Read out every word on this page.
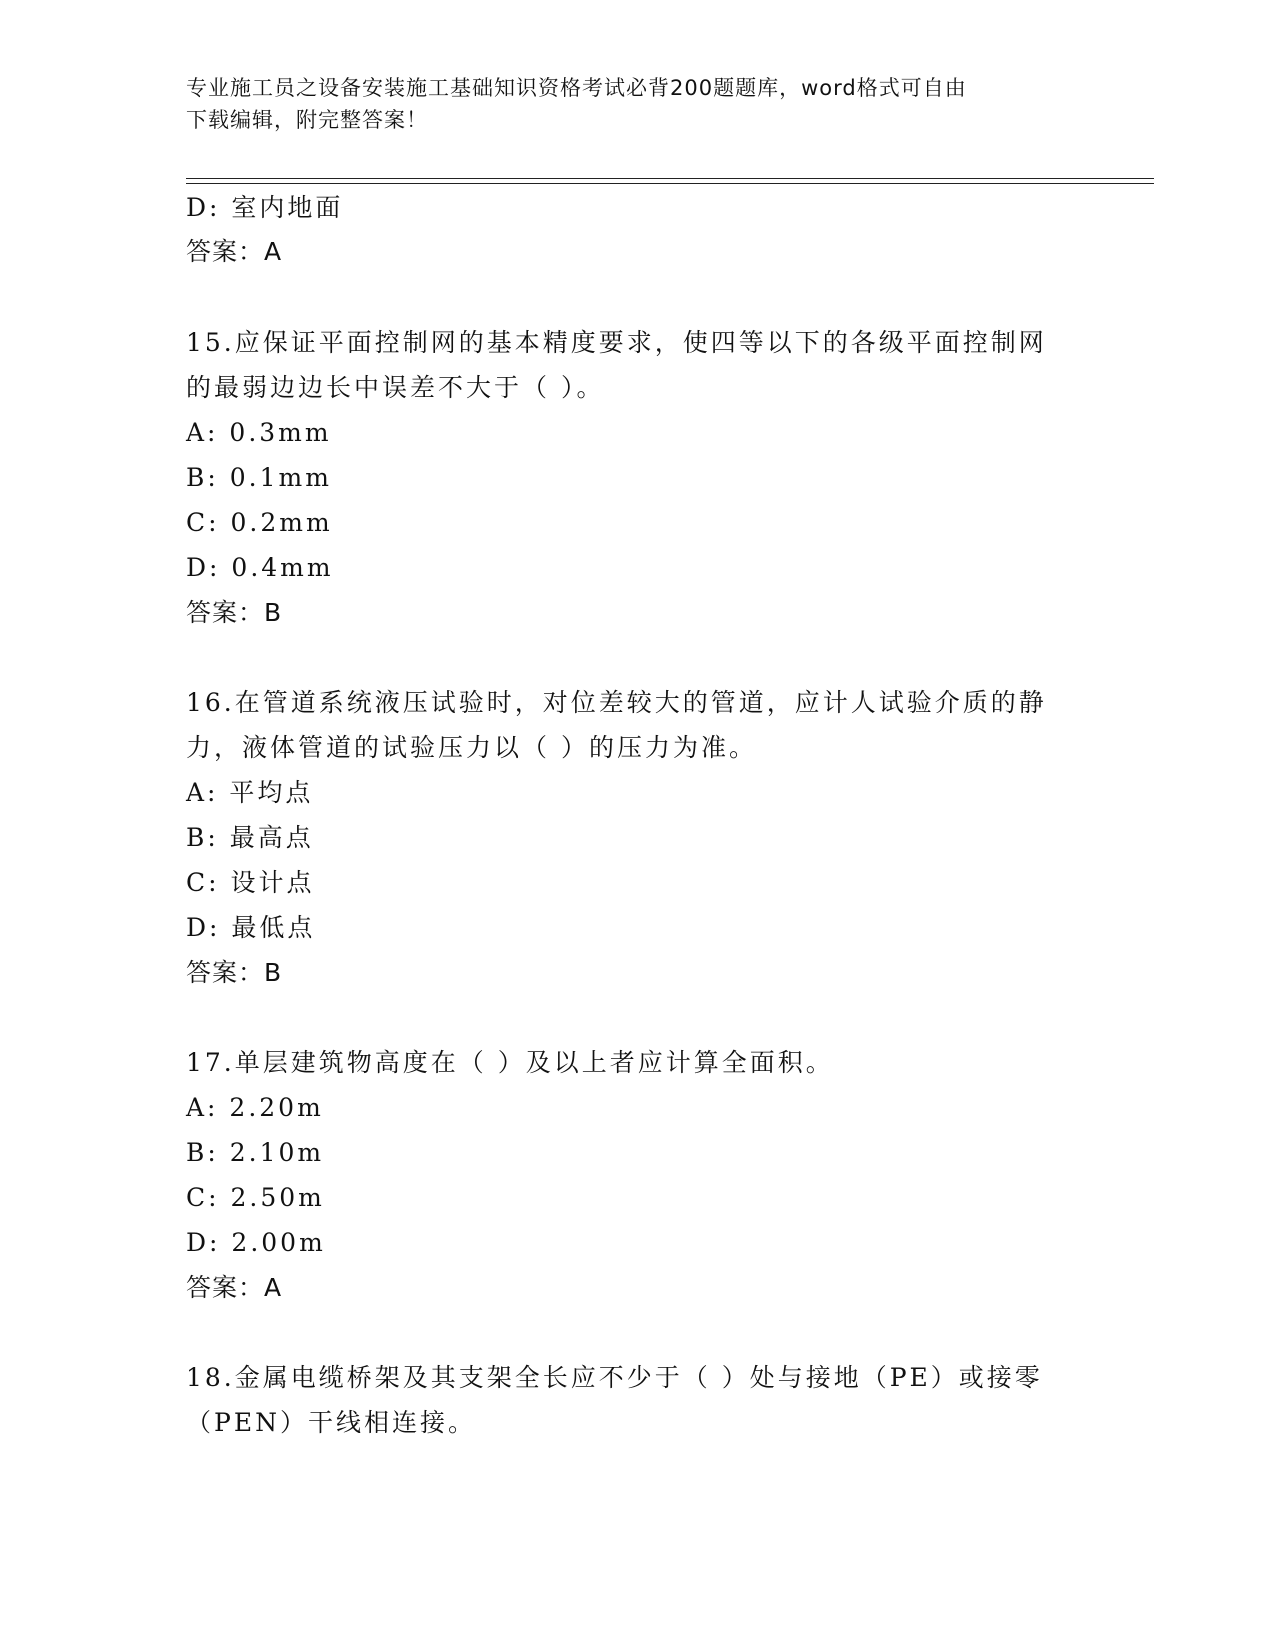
专业施工员之设备安装施工基础知识资格考试必背200题题库，word格式可自由
下载编辑，附完整答案！
D: 室内地面
答案：A
15.应保证平面控制网的基本精度要求，使四等以下的各级平面控制网
的最弱边边长中误差不大于（ ）。
A: 0.3mm
B: 0.1mm
C: 0.2mm
D: 0.4mm
答案：B
16.在管道系统液压试验时，对位差较大的管道，应计人试验介质的静
力，液体管道的试验压力以（ ）的压力为准。
A: 平均点
B: 最高点
C: 设计点
D: 最低点
答案：B
17.单层建筑物高度在（ ）及以上者应计算全面积。
A: 2.20m
B: 2.10m
C: 2.50m
D: 2.00m
答案：A
18.金属电缆桥架及其支架全长应不少于（ ）处与接地（PE）或接零
（PEN）干线相连接。
